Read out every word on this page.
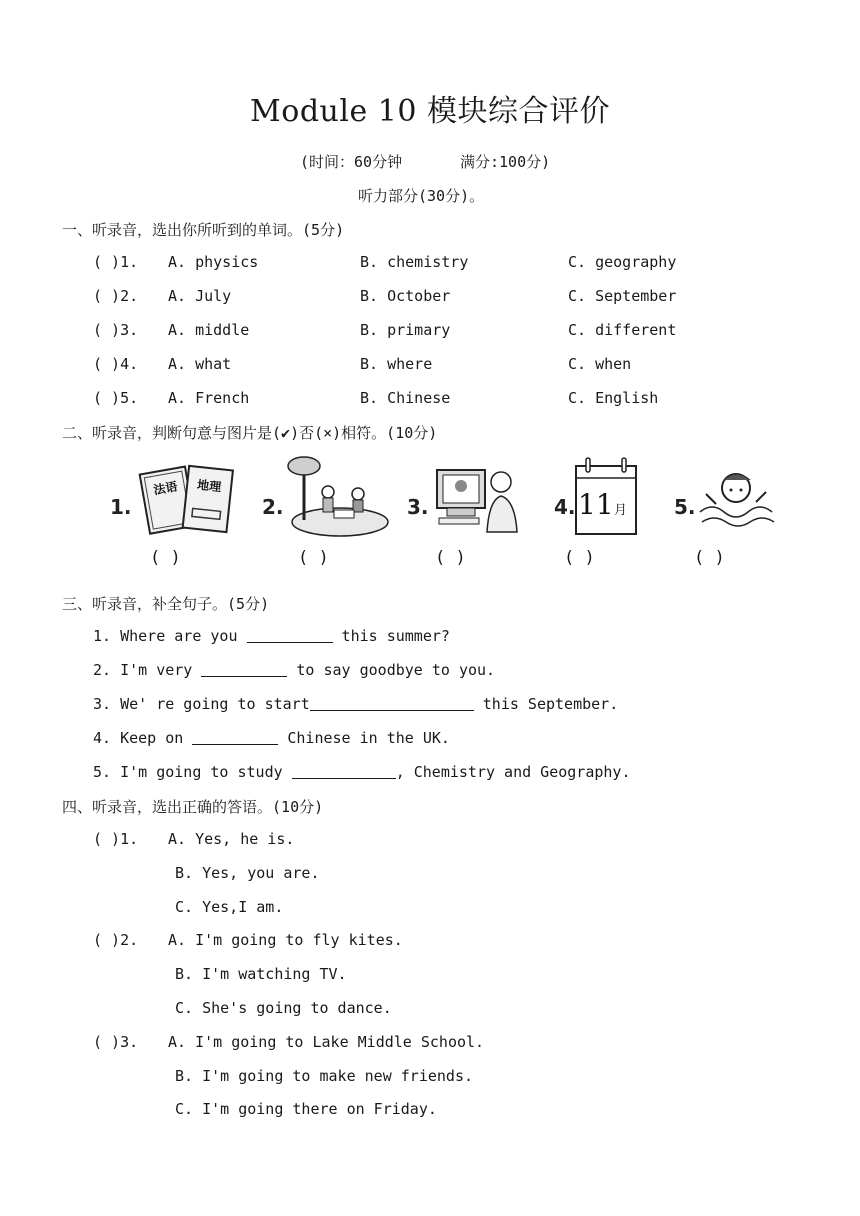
Module 10 模块综合评价
(时间：60分钟	满分:100分)
听力部分(30分)。
一、听录音，选出你所听到的单词。(5分)
( )1. A. physics	B. chemistry	C. geography
( )2. A. July	B. October	C. September
( )3. A. middle	B. primary	C. different
( )4. A. what	B. where	C. when
( )5. A. French	B. Chinese	C. English
二、听录音，判断句意与图片是(✔)否(×)相符。(10分)
1.
法语 地理
( )
2.
( )
3.
( )
4. 11 月
( )
5.
( )
三、听录音，补全句子。(5分)
1. Where are you	this summer?
2. I'm very	to say goodbye to you.
3. We' re going to start	this September.
4. Keep on	Chinese in the UK.
5. I'm going to study	, Chemistry and Geography.
四、听录音，选出正确的答语。(10分)
( )1. A. Yes, he is.
B. Yes, you are.
C. Yes,I am.
( )2. A. I'm going to fly kites.
B. I'm watching TV.
C. She's going to dance.
( )3. A. I'm going to Lake Middle School.
B. I'm going to make new friends.
C. I'm going there on Friday.
